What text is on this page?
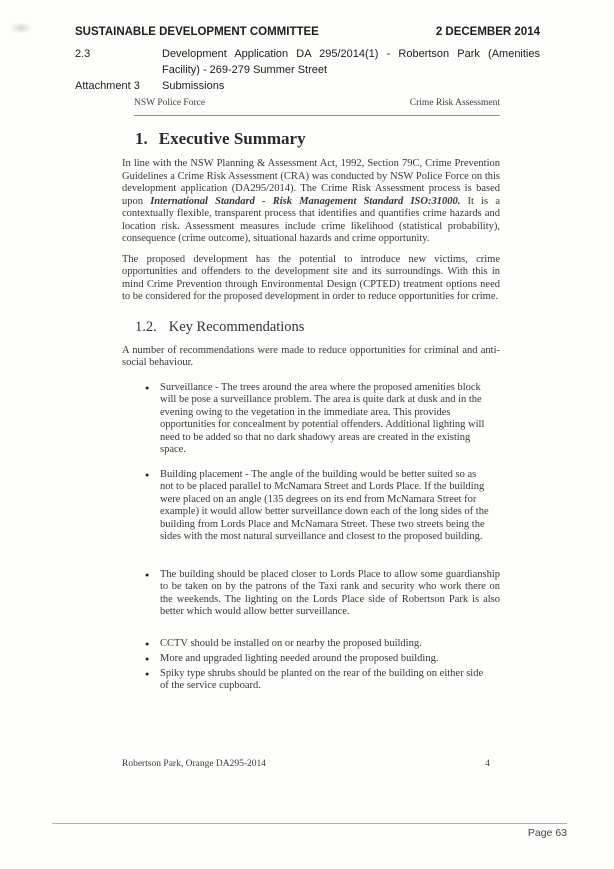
SUSTAINABLE DEVELOPMENT COMMITTEE	2 DECEMBER 2014
2.3	Development Application DA 295/2014(1) - Robertson Park (Amenities
Facility) - 269-279 Summer Street
Attachment 3	Submissions
NSW Police Force	Crime Risk Assessment
1. Executive Summary

In line with the NSW Planning & Assessment Act, 1992, Section 79C, Crime Prevention Guidelines a Crime Risk Assessment (CRA) was conducted by NSW Police Force on this development application (DA295/2014). The Crime Risk Assessment process is based upon International Standard - Risk Management Standard ISO:31000. It is a contextually flexible, transparent process that identifies and quantifies crime hazards and location risk. Assessment measures include crime likelihood (statistical probability), consequence (crime outcome), situational hazards and crime opportunity.

The proposed development has the potential to introduce new victims, crime opportunities and offenders to the development site and its surroundings. With this in mind Crime Prevention through Environmental Design (CPTED) treatment options need to be considered for the proposed development in order to reduce opportunities for crime.

1.2. Key Recommendations

A number of recommendations were made to reduce opportunities for criminal and anti-social behaviour.

● Surveillance - The trees around the area where the proposed amenities block will be pose a surveillance problem. The area is quite dark at dusk and in the evening owing to the vegetation in the immediate area. This provides opportunities for concealment by potential offenders. Additional lighting will need to be added so that no dark shadowy areas are created in the existing space.
● Building placement - The angle of the building would be better suited so as not to be placed parallel to McNamara Street and Lords Place. If the building were placed on an angle (135 degrees on its end from McNamara Street for example) it would allow better surveillance down each of the long sides of the building from Lords Place and McNamara Street. These two streets being the sides with the most natural surveillance and closest to the proposed building.
● The building should be placed closer to Lords Place to allow some guardianship to be taken on by the patrons of the Taxi rank and security who work there on the weekends. The lighting on the Lords Place side of Robertson Park is also better which would allow better surveillance.
● CCTV should be installed on or nearby the proposed building.
● More and upgraded lighting needed around the proposed building.
● Spiky type shrubs should be planted on the rear of the building on either side of the service cupboard.
Robertson Park, Orange DA295-2014	4
Page 63
